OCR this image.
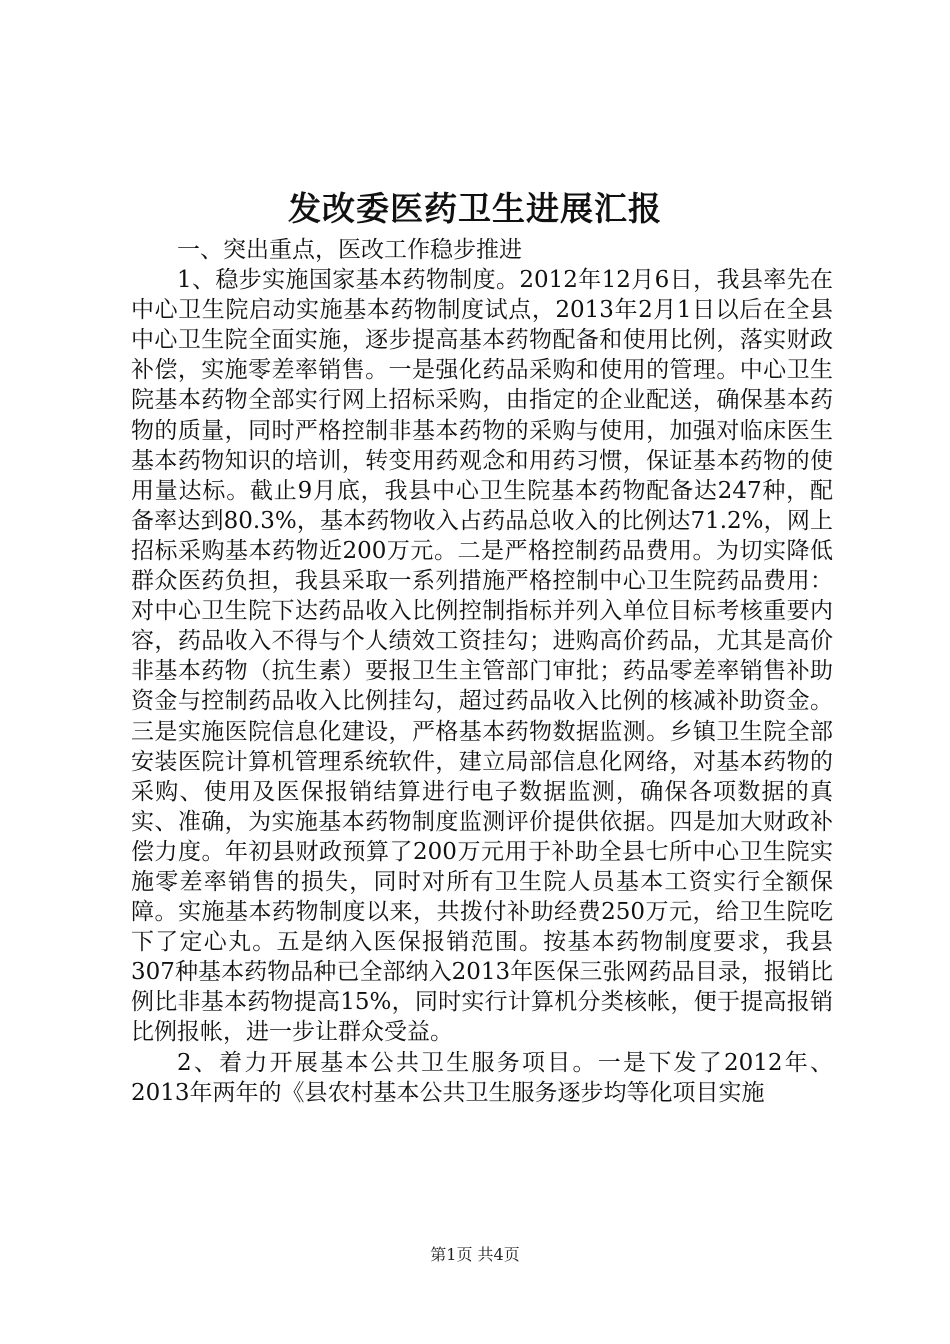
发改委医药卫生进展汇报

一、突出重点，医改工作稳步推进

1、稳步实施国家基本药物制度。2012年12月6日，我县率先在中心卫生院启动实施基本药物制度试点，2013年2月1日以后在全县中心卫生院全面实施，逐步提高基本药物配备和使用比例，落实财政补偿，实施零差率销售。一是强化药品采购和使用的管理。中心卫生院基本药物全部实行网上招标采购，由指定的企业配送，确保基本药物的质量，同时严格控制非基本药物的采购与使用，加强对临床医生基本药物知识的培训，转变用药观念和用药习惯，保证基本药物的使用量达标。截止9月底，我县中心卫生院基本药物配备达247种，配备率达到80.3%，基本药物收入占药品总收入的比例达71.2%，网上招标采购基本药物近200万元。二是严格控制药品费用。为切实降低群众医药负担，我县采取一系列措施严格控制中心卫生院药品费用：对中心卫生院下达药品收入比例控制指标并列入单位目标考核重要内容，药品收入不得与个人绩效工资挂勾；进购高价药品，尤其是高价非基本药物（抗生素）要报卫生主管部门审批；药品零差率销售补助资金与控制药品收入比例挂勾，超过药品收入比例的核减补助资金。三是实施医院信息化建设，严格基本药物数据监测。乡镇卫生院全部安装医院计算机管理系统软件，建立局部信息化网络，对基本药物的采购、使用及医保报销结算进行电子数据监测，确保各项数据的真实、准确，为实施基本药物制度监测评价提供依据。四是加大财政补偿力度。年初县财政预算了200万元用于补助全县七所中心卫生院实施零差率销售的损失，同时对所有卫生院人员基本工资实行全额保障。实施基本药物制度以来，共拨付补助经费250万元，给卫生院吃下了定心丸。五是纳入医保报销范围。按基本药物制度要求，我县307种基本药物品种已全部纳入2013年医保三张网药品目录，报销比例比非基本药物提高15%，同时实行计算机分类核帐，便于提高报销比例报帐，进一步让群众受益。

2、着力开展基本公共卫生服务项目。一是下发了2012年、2013年两年的《县农村基本公共卫生服务逐步均等化项目实施

第1页 共4页
